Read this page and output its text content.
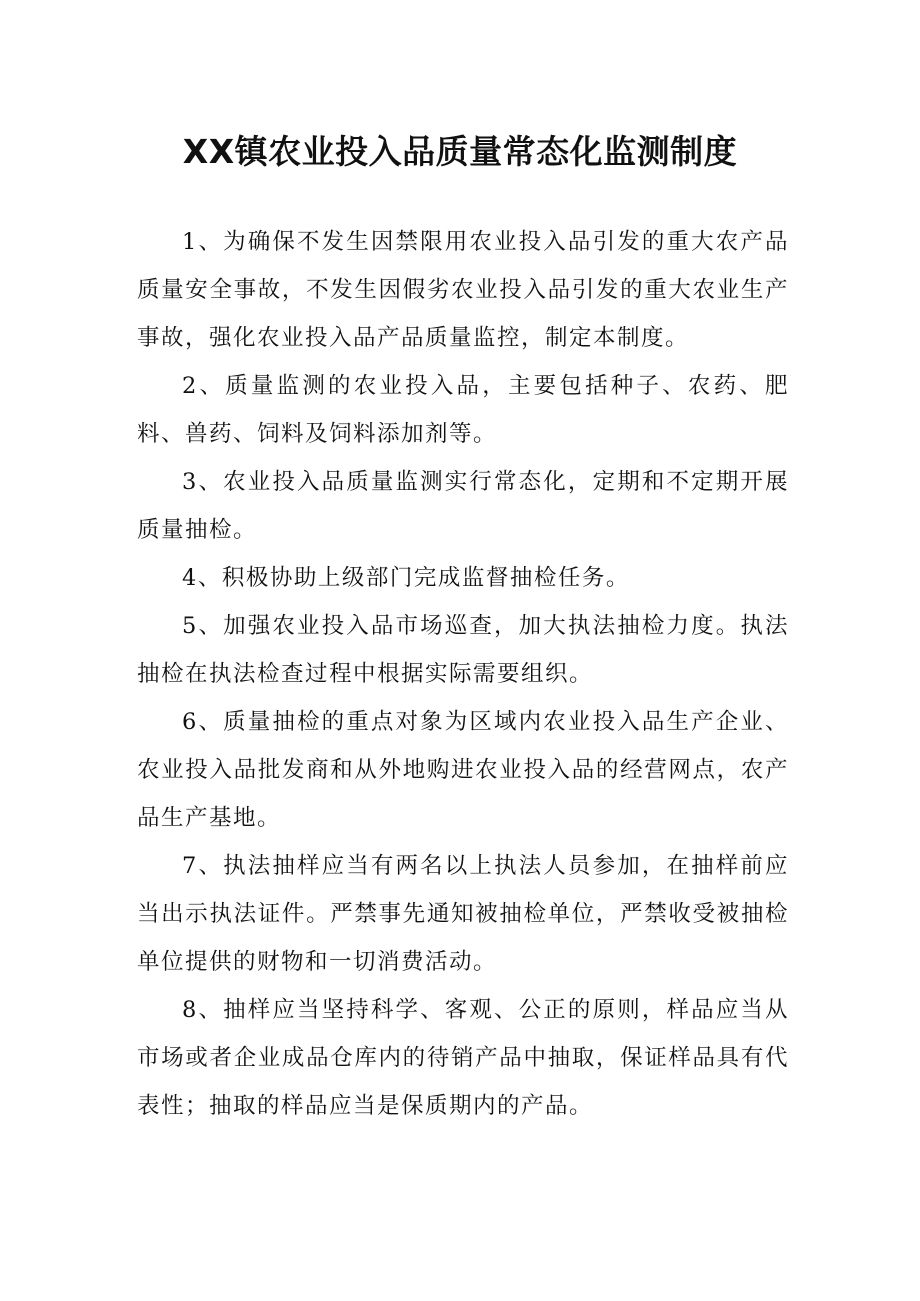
XX镇农业投入品质量常态化监测制度

1、为确保不发生因禁限用农业投入品引发的重大农产品质量安全事故，不发生因假劣农业投入品引发的重大农业生产事故，强化农业投入品产品质量监控，制定本制度。

2、质量监测的农业投入品，主要包括种子、农药、肥料、兽药、饲料及饲料添加剂等。

3、农业投入品质量监测实行常态化，定期和不定期开展质量抽检。

4、积极协助上级部门完成监督抽检任务。

5、加强农业投入品市场巡查，加大执法抽检力度。执法抽检在执法检查过程中根据实际需要组织。

6、质量抽检的重点对象为区域内农业投入品生产企业、农业投入品批发商和从外地购进农业投入品的经营网点，农产品生产基地。

7、执法抽样应当有两名以上执法人员参加，在抽样前应当出示执法证件。严禁事先通知被抽检单位，严禁收受被抽检单位提供的财物和一切消费活动。

8、抽样应当坚持科学、客观、公正的原则，样品应当从市场或者企业成品仓库内的待销产品中抽取，保证样品具有代表性；抽取的样品应当是保质期内的产品。
